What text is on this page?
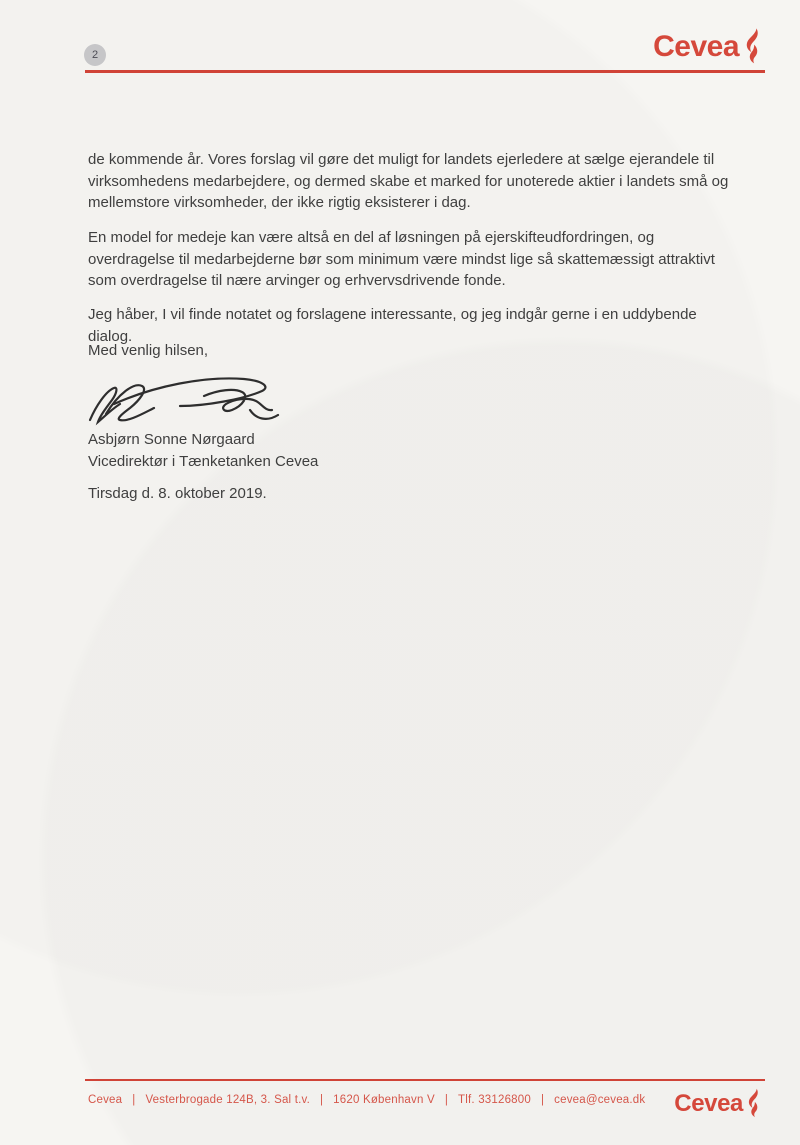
2	Cevea
de kommende år. Vores forslag vil gøre det muligt for landets ejerledere at sælge ejerandele til virksomhedens medarbejdere, og dermed skabe et marked for unoterede aktier i landets små og mellemstore virksomheder, der ikke rigtig eksisterer i dag.
En model for medeje kan være altså en del af løsningen på ejerskifteudfordringen, og overdragelse til medarbejderne bør som minimum være mindst lige så skattemæssigt attraktivt som overdragelse til nære arvinger og erhvervsdrivende fonde.
Jeg håber, I vil finde notatet og forslagene interessante, og jeg indgår gerne i en uddybende dialog.
Med venlig hilsen,
Asbjørn Sonne Nørgaard
Vicedirektør i Tænketanken Cevea
Tirsdag d. 8. oktober 2019.
Cevea | Vesterbrogade 124B, 3. Sal t.v. | 1620 København V | Tlf. 33126800 | cevea@cevea.dk Cevea
